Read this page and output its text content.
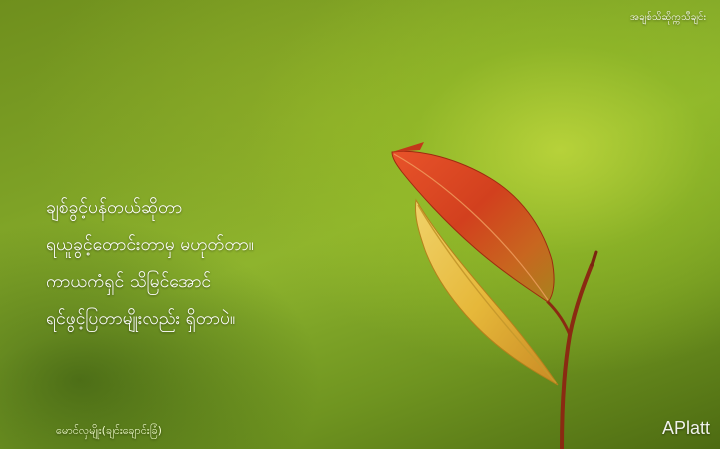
အချစ်သိဆိုက္ကသီချင်း
ချစ်ခွင့်ပန်တယ်ဆိုတာ
ရယူခွင့်တောင်းတာမှ မဟုတ်တာ။
ကာယကံရှင် သိမြင်အောင်
ရင်ဖွင့်ပြတာမျိုးလည်း ရှိတာပဲ။
မောင်လှမျိုး(ချင်းချောင်းခြံ)	APlatt
